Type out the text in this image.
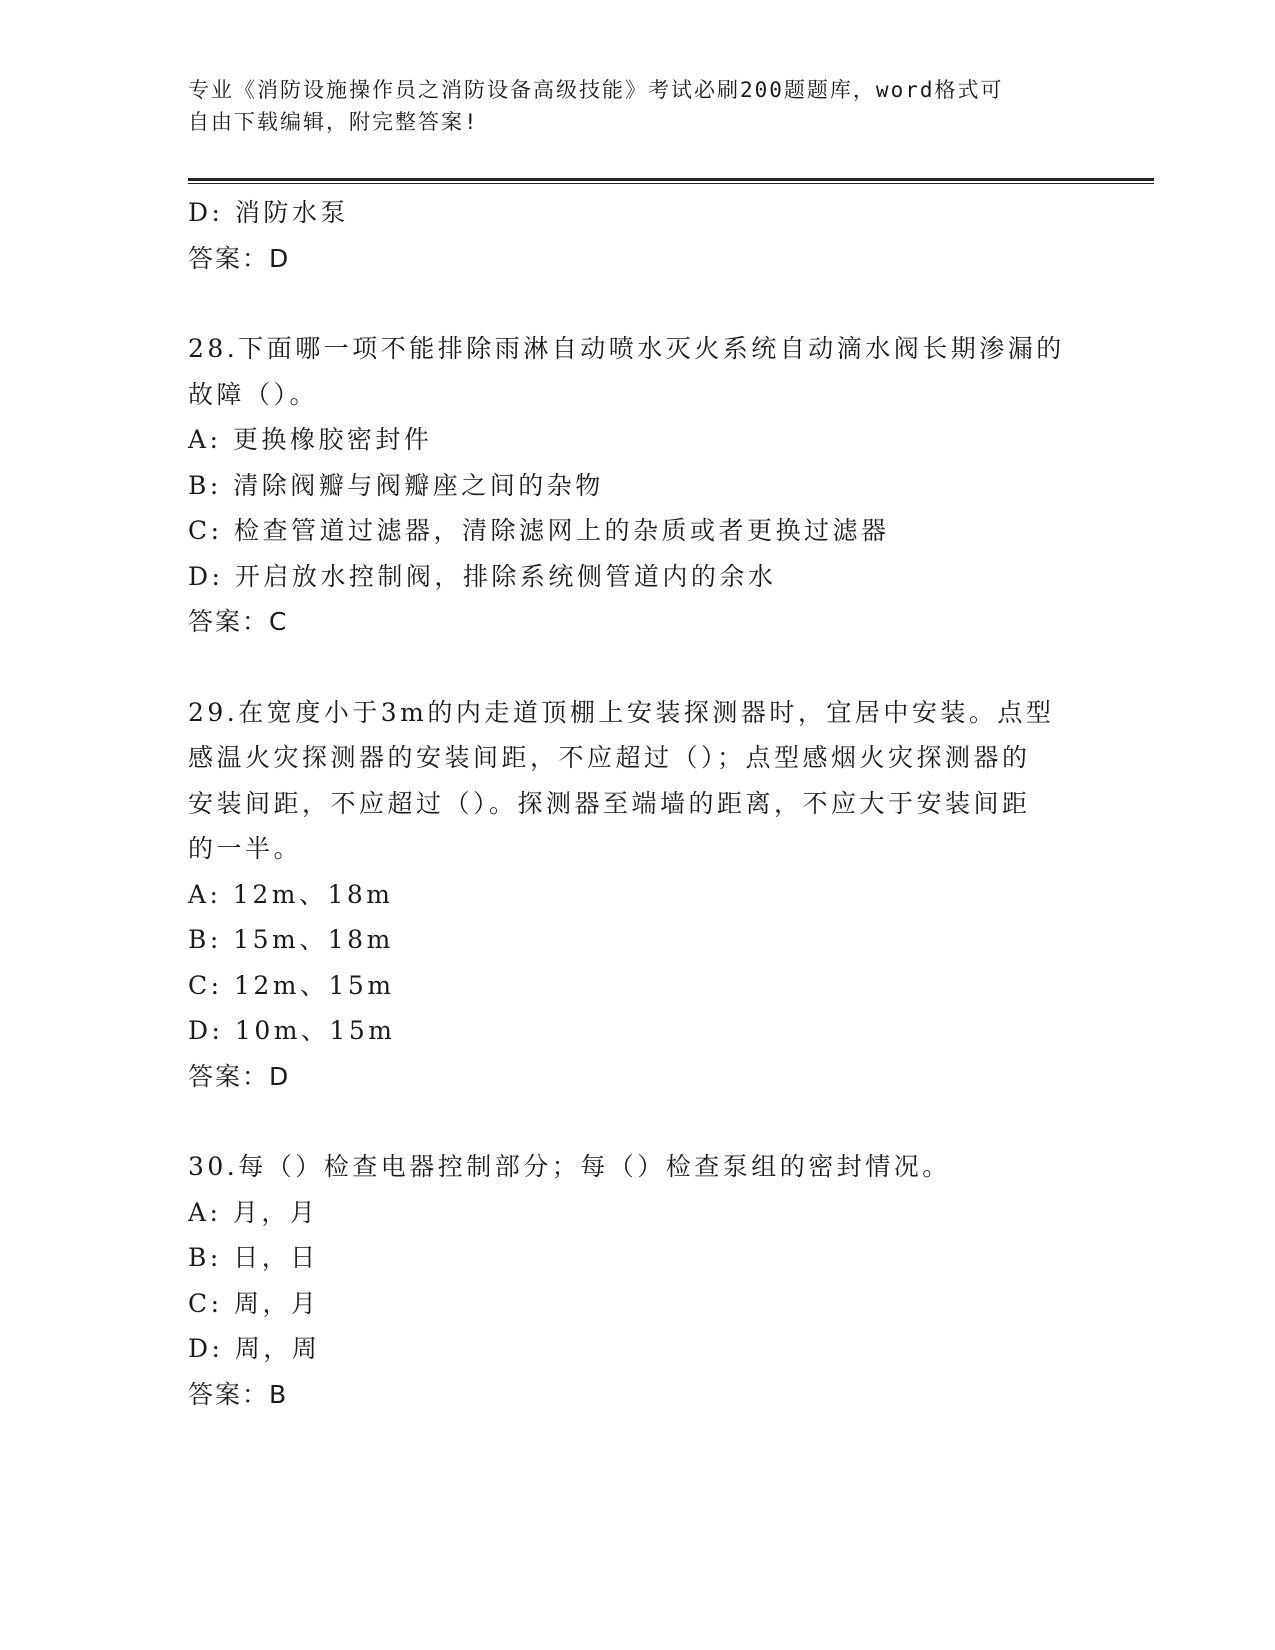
专业《消防设施操作员之消防设备高级技能》考试必刷200题题库，word格式可
自由下载编辑，附完整答案!
D: 消防水泵
答案：D
28.下面哪一项不能排除雨淋自动喷水灭火系统自动滴水阀长期渗漏的
故障（）。
A: 更换橡胶密封件
B: 清除阀瓣与阀瓣座之间的杂物
C: 检查管道过滤器，清除滤网上的杂质或者更换过滤器
D: 开启放水控制阀，排除系统侧管道内的余水
答案：C
29.在宽度小于3m的内走道顶棚上安装探测器时，宜居中安装。点型
感温火灾探测器的安装间距，不应超过（）；点型感烟火灾探测器的
安装间距，不应超过（）。探测器至端墙的距离，不应大于安装间距
的一半。
A: 12m、18m
B: 15m、18m
C: 12m、15m
D: 10m、15m
答案：D
30.每（）检查电器控制部分；每（）检查泵组的密封情况。
A: 月，月
B: 日，日
C: 周，月
D: 周，周
答案：B
